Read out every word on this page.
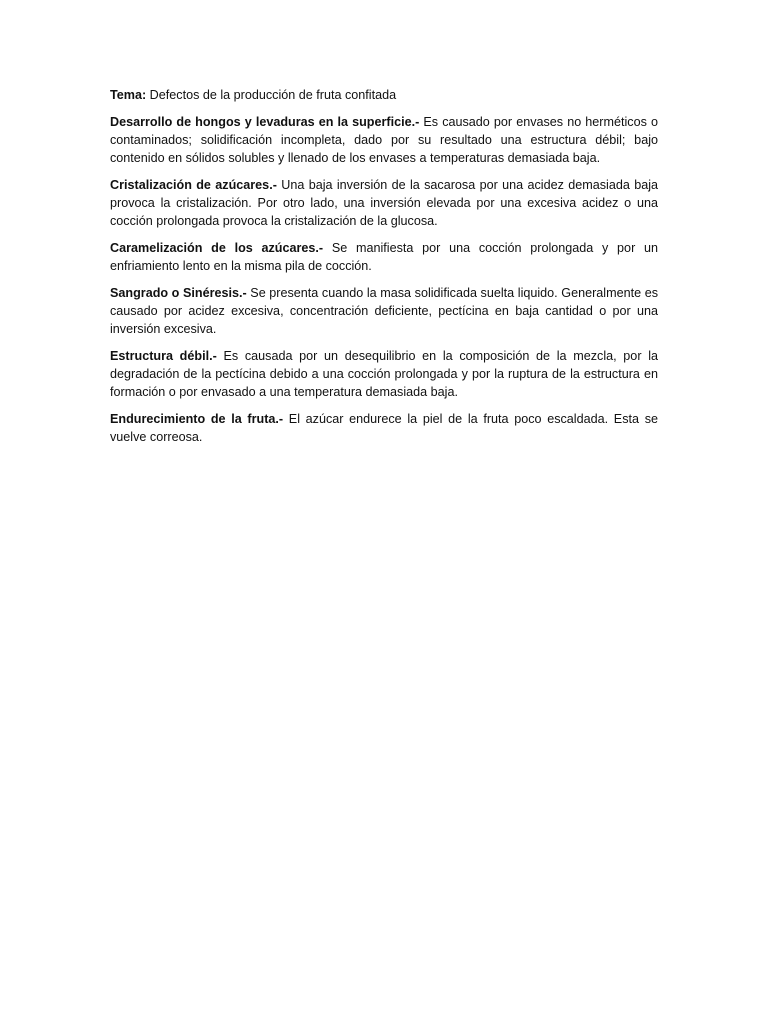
Tema: Defectos de la producción de fruta confitada

Desarrollo de hongos y levaduras en la superficie.- Es causado por envases no herméticos o contaminados; solidificación incompleta, dado por su resultado una estructura débil; bajo contenido en sólidos solubles y llenado de los envases a temperaturas demasiada baja.

Cristalización de azúcares.- Una baja inversión de la sacarosa por una acidez demasiada baja provoca la cristalización. Por otro lado, una inversión elevada por una excesiva acidez o una cocción prolongada provoca la cristalización de la glucosa.

Caramelización de los azúcares.- Se manifiesta por una cocción prolongada y por un enfriamiento lento en la misma pila de cocción.

Sangrado o Sinéresis.- Se presenta cuando la masa solidificada suelta liquido. Generalmente es causado por acidez excesiva, concentración deficiente, pectícina en baja cantidad o por una inversión excesiva.

Estructura débil.- Es causada por un desequilibrio en la composición de la mezcla, por la degradación de la pectícina debido a una cocción prolongada y por la ruptura de la estructura en formación o por envasado a una temperatura demasiada baja.

Endurecimiento de la fruta.- El azúcar endurece la piel de la fruta poco escaldada. Esta se vuelve correosa.
